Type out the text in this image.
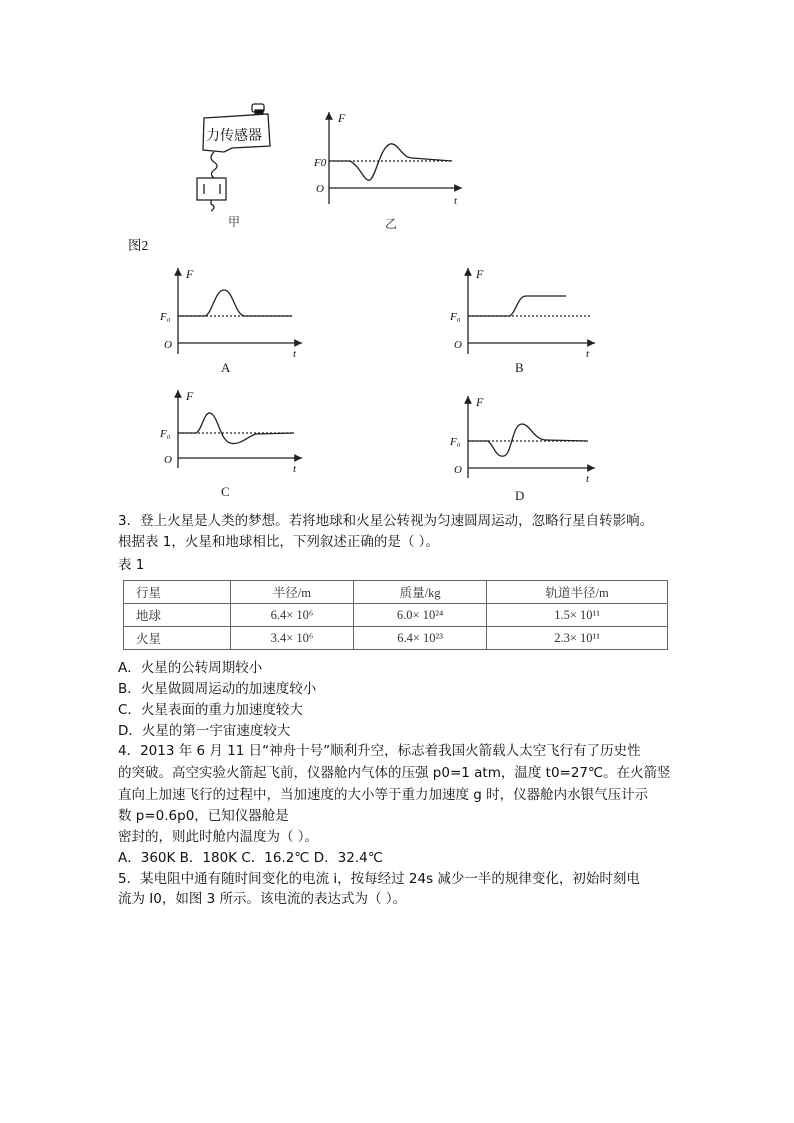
力传感器
甲
F
F0
O
t
乙
图2
F
F₀
O
t
A
F
F₀
O
t
B
F
F₀
O
t
C
F
F₀
O
t
D
3．登上火星是人类的梦想。若将地球和火星公转视为匀速圆周运动，忽略行星自转影响。
根据表 1，火星和地球相比，下列叙述正确的是（ ）。
表 1
行星	半径/m	质量/kg	轨道半径/m
地球	6.4× 10⁶	6.0× 10²⁴	1.5× 10¹¹
火星	3.4× 10⁶	6.4× 10²³	2.3× 10¹¹
A．火星的公转周期较小
B．火星做圆周运动的加速度较小
C．火星表面的重力加速度较大
D．火星的第一宇宙速度较大
4．2013 年 6 月 11 日“神舟十号”顺利升空，标志着我国火箭载人太空飞行有了历史性
的突破。高空实验火箭起飞前，仪器舱内气体的压强 p0=1 atm，温度 t0=27℃。在火箭竖
直向上加速飞行的过程中，当加速度的大小等于重力加速度 g 时，仪器舱内水银气压计示
数 p=0.6p0，已知仪器舱是
密封的，则此时舱内温度为（ ）。
A．360K B．180K C．16.2℃ D．32.4℃
5．某电阻中通有随时间变化的电流 i，按每经过 24s 减少一半的规律变化，初始时刻电
流为 I0，如图 3 所示。该电流的表达式为（ ）。
